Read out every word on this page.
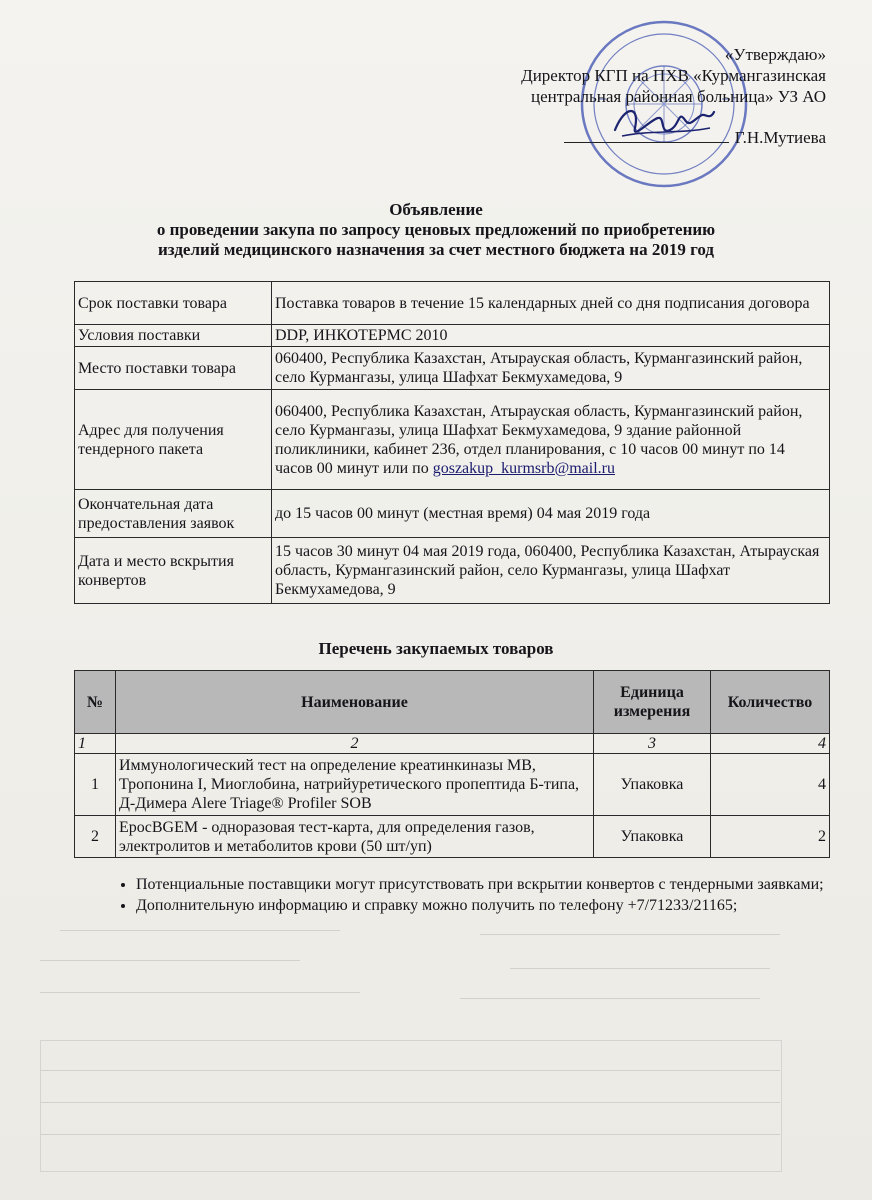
«Утверждаю»
Директор КГП на ПХВ «Курмангазинская
центральная районная больница» УЗ АО
Г.Н.Мутиева
Объявление
о проведении закупа по запросу ценовых предложений по приобретению
изделий медицинского назначения за счет местного бюджета на 2019 год
Срок поставки товара	Поставка товаров в течение 15 календарных дней со дня подписания договора
Условия поставки	DDP, ИНКОТЕРМС 2010
Место поставки товара	060400, Республика Казахстан, Атырауская область, Курмангазинский район, село Курмангазы, улица Шафхат Бекмухамедова, 9
Адрес для получения тендерного пакета	060400, Республика Казахстан, Атырауская область, Курмангазинский район, село Курмангазы, улица Шафхат Бекмухамедова, 9 здание районной поликлиники, кабинет 236, отдел планирования, с 10 часов 00 минут по 14 часов 00 минут или по goszakup_kurmsrb@mail.ru
Окончательная дата предоставления заявок	до 15 часов 00 минут (местная время) 04 мая 2019 года
Дата и место вскрытия конвертов	15 часов 30 минут 04 мая 2019 года, 060400, Республика Казахстан, Атырауская область, Курмангазинский район, село Курмангазы, улица Шафхат Бекмухамедова, 9
Перечень закупаемых товаров
№	Наименование	Единица измерения	Количество
1	2	3	4
1	Иммунологический тест на определение креатинкиназы МВ, Тропонина I, Миоглобина, натрийуретического пропептида Б-типа, Д-Димера Alere Triage® Profiler SOB	Упаковка	4
2	EpocBGEM - одноразовая тест-карта, для определения газов, электролитов и метаболитов крови (50 шт/уп)	Упаковка	2
• Потенциальные поставщики могут присутствовать при вскрытии конвертов с тендерными заявками;
• Дополнительную информацию и справку можно получить по телефону +7/71233/21165;
